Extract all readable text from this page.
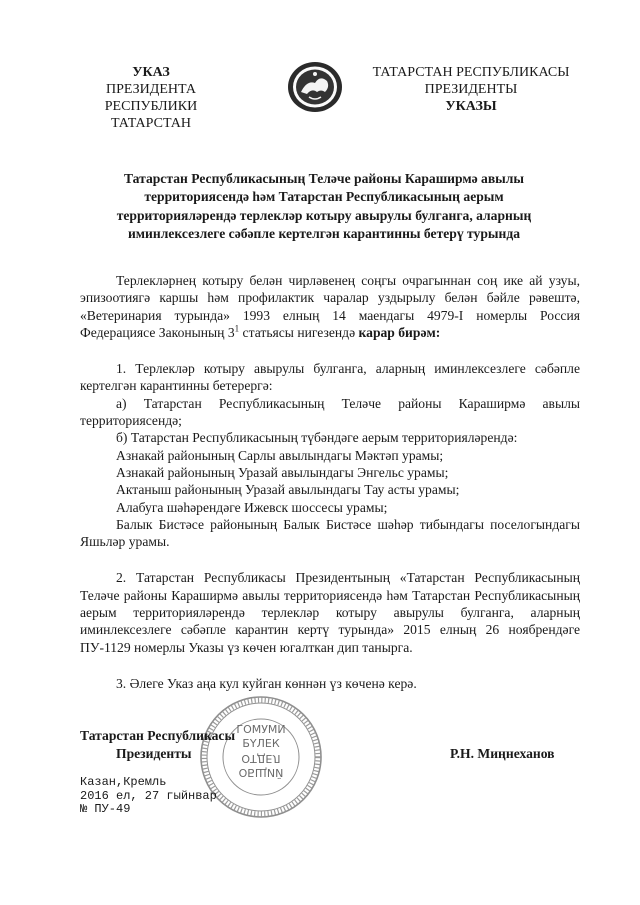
УКАЗ
ПРЕЗИДЕНТА
РЕСПУБЛИКИ ТАТАРСТАН
ТАТАРСТАН РЕСПУБЛИКАСЫ
ПРЕЗИДЕНТЫ
УКАЗЫ
Татарстан Республикасының Теләче районы Караширмә авылы
территориясендә һәм Татарстан Республикасының аерым
территорияләрендә терлекләр котыру авырулы булганга, аларның
иминлексезлеге сәбәпле кертелгән карантинны бетерү турында

Терлекләрнең котыру белән чирләвенең соңгы очрагыннан соң ике ай узуы, эпизоотиягә каршы һәм профилактик чаралар уздырылу белән бәйле рәвештә, «Ветеринария турында» 1993 елның 14 маендагы 4979-I номерлы Россия Федерациясе Законының $3^1$ статьясы нигезендә карар бирәм:

1. Терлекләр котыру авырулы булганга, аларның иминлексезлеге сәбәпле кертелгән карантинны бетерергә:

а) Татарстан Республикасының Теләче районы Караширмә авылы территориясендә;

б) Татарстан Республикасының түбәндәге аерым территорияләрендә:

Азнакай районының Сарлы авылындагы Мәктәп урамы;

Азнакай районының Уразай авылындагы Энгельс урамы;

Актаныш районының Уразай авылындагы Тау асты урамы;

Алабуга шәһәрендәге Ижевск шоссесы урамы;

Балык Бистәсе районының Балык Бистәсе шәһәр тибындагы поселогындагы Яшьләр урамы.

2. Татарстан Республикасы Президентының «Татарстан Республикасының Теләче районы Караширмә авылы территориясендә һәм Татарстан Республикасының аерым территорияләрендә терлекләр котыру авырулы булганга, аларның иминлексезлеге сәбәпле карантин кертү турында» 2015 елның 26 ноябрендәге ПУ-1129 номерлы Указы үз көчен югалткан дип танырга.

3. Әлеге Указ аңа кул куйган көннән үз көченә керә.

ГОМУМИ
БҮЛЕК
ОТДЕЛ
ОБЩИЙ
Татарстан Республикасы
Президенты	Р.Н. Миңнеханов
Казан,Кремль
2016 ел, 27 гыйнвар
№ ПУ-49
